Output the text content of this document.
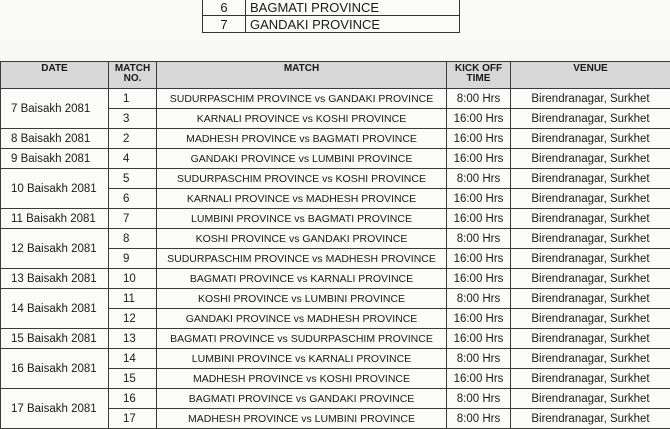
6	BAGMATI PROVINCE
7	GANDAKI PROVINCE
DATE	MATCH NO.	MATCH	KICK OFF TIME	VENUE
7 Baisakh 2081	1	SUDURPASCHIM PROVINCE vs GANDAKI PROVINCE	8:00 Hrs	Birendranagar, Surkhet
	3	KARNALI PROVINCE vs KOSHI PROVINCE	16:00 Hrs	Birendranagar, Surkhet
8 Baisakh 2081	2	MADHESH PROVINCE vs BAGMATI PROVINCE	16:00 Hrs	Birendranagar, Surkhet
9 Baisakh 2081	4	GANDAKI PROVINCE vs LUMBINI PROVINCE	16:00 Hrs	Birendranagar, Surkhet
10 Baisakh 2081	5	SUDURPASCHIM PROVINCE vs KOSHI PROVINCE	8:00 Hrs	Birendranagar, Surkhet
	6	KARNALI PROVINCE vs MADHESH PROVINCE	16:00 Hrs	Birendranagar, Surkhet
11 Baisakh 2081	7	LUMBINI PROVINCE vs BAGMATI PROVINCE	16:00 Hrs	Birendranagar, Surkhet
12 Baisakh 2081	8	KOSHI PROVINCE vs GANDAKI PROVINCE	8:00 Hrs	Birendranagar, Surkhet
	9	SUDURPASCHIM PROVINCE vs MADHESH PROVINCE	16:00 Hrs	Birendranagar, Surkhet
13 Baisakh 2081	10	BAGMATI PROVINCE vs KARNALI PROVINCE	16:00 Hrs	Birendranagar, Surkhet
14 Baisakh 2081	11	KOSHI PROVINCE vs LUMBINI PROVINCE	8:00 Hrs	Birendranagar, Surkhet
	12	GANDAKI PROVINCE vs MADHESH PROVINCE	16:00 Hrs	Birendranagar, Surkhet
15 Baisakh 2081	13	BAGMATI PROVINCE vs SUDURPASCHIM PROVINCE	16:00 Hrs	Birendranagar, Surkhet
16 Baisakh 2081	14	LUMBINI PROVINCE vs KARNALI PROVINCE	8:00 Hrs	Birendranagar, Surkhet
	15	MADHESH PROVINCE vs KOSHI PROVINCE	16:00 Hrs	Birendranagar, Surkhet
17 Baisakh 2081	16	BAGMATI PROVINCE vs GANDAKI PROVINCE	8:00 Hrs	Birendranagar, Surkhet
	17	MADHESH PROVINCE vs LUMBINI PROVINCE	8:00 Hrs	Birendranagar, Surkhet
